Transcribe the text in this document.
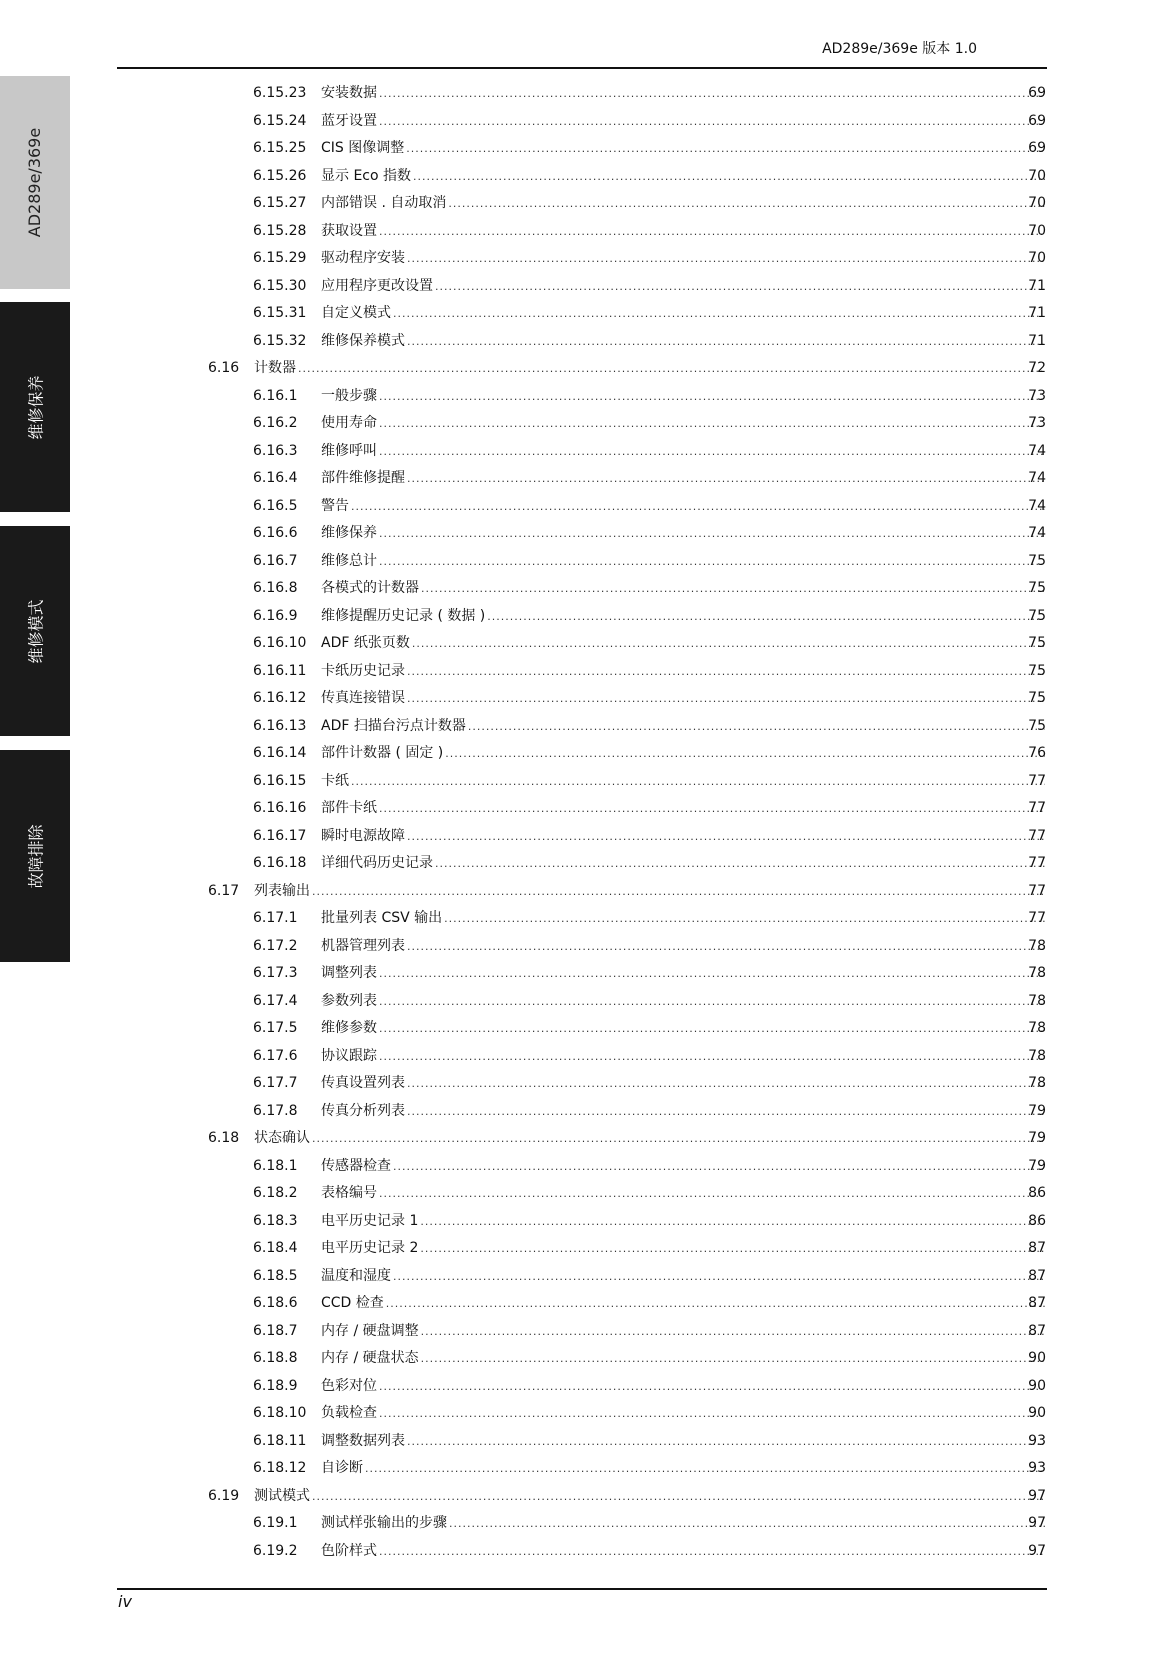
AD289e/369e 版本 1.0
AD289e/369e
维修保养
维修模式
故障排除
6.15.23 安装数据 .....	69
6.15.24 蓝牙设置 .....	69
6.15.25 CIS 图像调整 .....	69
6.15.26 显示 Eco 指数 .....	70
6.15.27 内部错误 . 自动取消 .....	70
6.15.28 获取设置 .....	70
6.15.29 驱动程序安装 .....	70
6.15.30 应用程序更改设置 .....	71
6.15.31 自定义模式 .....	71
6.15.32 维修保养模式 .....	71
6.16 计数器 .....	72
6.16.1 一般步骤 .....	73
6.16.2 使用寿命 .....	73
6.16.3 维修呼叫 .....	74
6.16.4 部件维修提醒 .....	74
6.16.5 警告 .....	74
6.16.6 维修保养 .....	74
6.16.7 维修总计 .....	75
6.16.8 各模式的计数器 .....	75
6.16.9 维修提醒历史记录 ( 数据 ) .....	75
6.16.10 ADF 纸张页数 .....	75
6.16.11 卡纸历史记录 .....	75
6.16.12 传真连接错误 .....	75
6.16.13 ADF 扫描台污点计数器 .....	75
6.16.14 部件计数器 ( 固定 ) .....	76
6.16.15 卡纸 .....	77
6.16.16 部件卡纸 .....	77
6.16.17 瞬时电源故障 .....	77
6.16.18 详细代码历史记录 .....	77
6.17 列表输出 .....	77
6.17.1 批量列表 CSV 输出 .....	77
6.17.2 机器管理列表 .....	78
6.17.3 调整列表 .....	78
6.17.4 参数列表 .....	78
6.17.5 维修参数 .....	78
6.17.6 协议跟踪 .....	78
6.17.7 传真设置列表 .....	78
6.17.8 传真分析列表 .....	79
6.18 状态确认 .....	79
6.18.1 传感器检查 .....	79
6.18.2 表格编号 .....	86
6.18.3 电平历史记录 1 .....	86
6.18.4 电平历史记录 2 .....	87
6.18.5 温度和湿度 .....	87
6.18.6 CCD 检查 .....	87
6.18.7 内存 / 硬盘调整 .....	87
6.18.8 内存 / 硬盘状态 .....	90
6.18.9 色彩对位 .....	90
6.18.10 负载检查 .....	90
6.18.11 调整数据列表 .....	93
6.18.12 自诊断 .....	93
6.19 测试模式 .....	97
6.19.1 测试样张输出的步骤 .....	97
6.19.2 色阶样式 .....	97
iv
